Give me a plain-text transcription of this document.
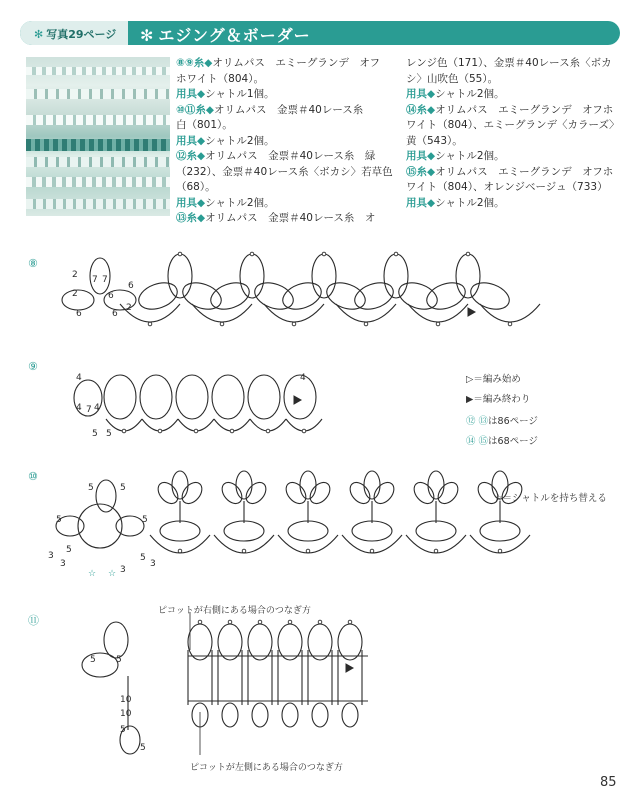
✻ 写真29ページ ✻ エジング＆ボーダー
⑧⑨糸◆オリムパス　エミーグランデ　オフ
ホワイト（804）。
用具◆シャトル1個。
⑩⑪糸◆オリムパス　金票＃40レース糸
白（801）。
用具◆シャトル2個。
⑫糸◆オリムパス　金票＃40レース糸　緑
（232）、金票＃40レース糸〈ボカシ〉若草色
（68）。
用具◆シャトル2個。
⑬糸◆オリムパス　金票＃40レース糸　オ
レンジ色（171）、金票＃40レース糸〈ボカ
シ〉山吹色（55）。
用具◆シャトル2個。
⑭糸◆オリムパス　エミーグランデ　オフホ
ワイト（804）、エミーグランデ〈カラーズ〉
黄（543）。
用具◆シャトル2個。
⑮糸◆オリムパス　エミーグランデ　オフホ
ワイト（804）、オレンジベージュ（733）
用具◆シャトル2個。
⑧
⑨
⑩
⑪
2 7 7
2
6
6
6
6
2
4
4 7 4
5 5
4
5	5
5
5
5
3
3	5
3
3
☆ ☆
5 5
10
10
5
5
▷＝編み始め
▶＝編み終わり
⑫ ⑬は86ページ
⑭ ⑮は68ページ
☆＝シャトルを持ち替える
ピコットが右側にある場合のつなぎ方
ピコットが左側にある場合のつなぎ方
85
